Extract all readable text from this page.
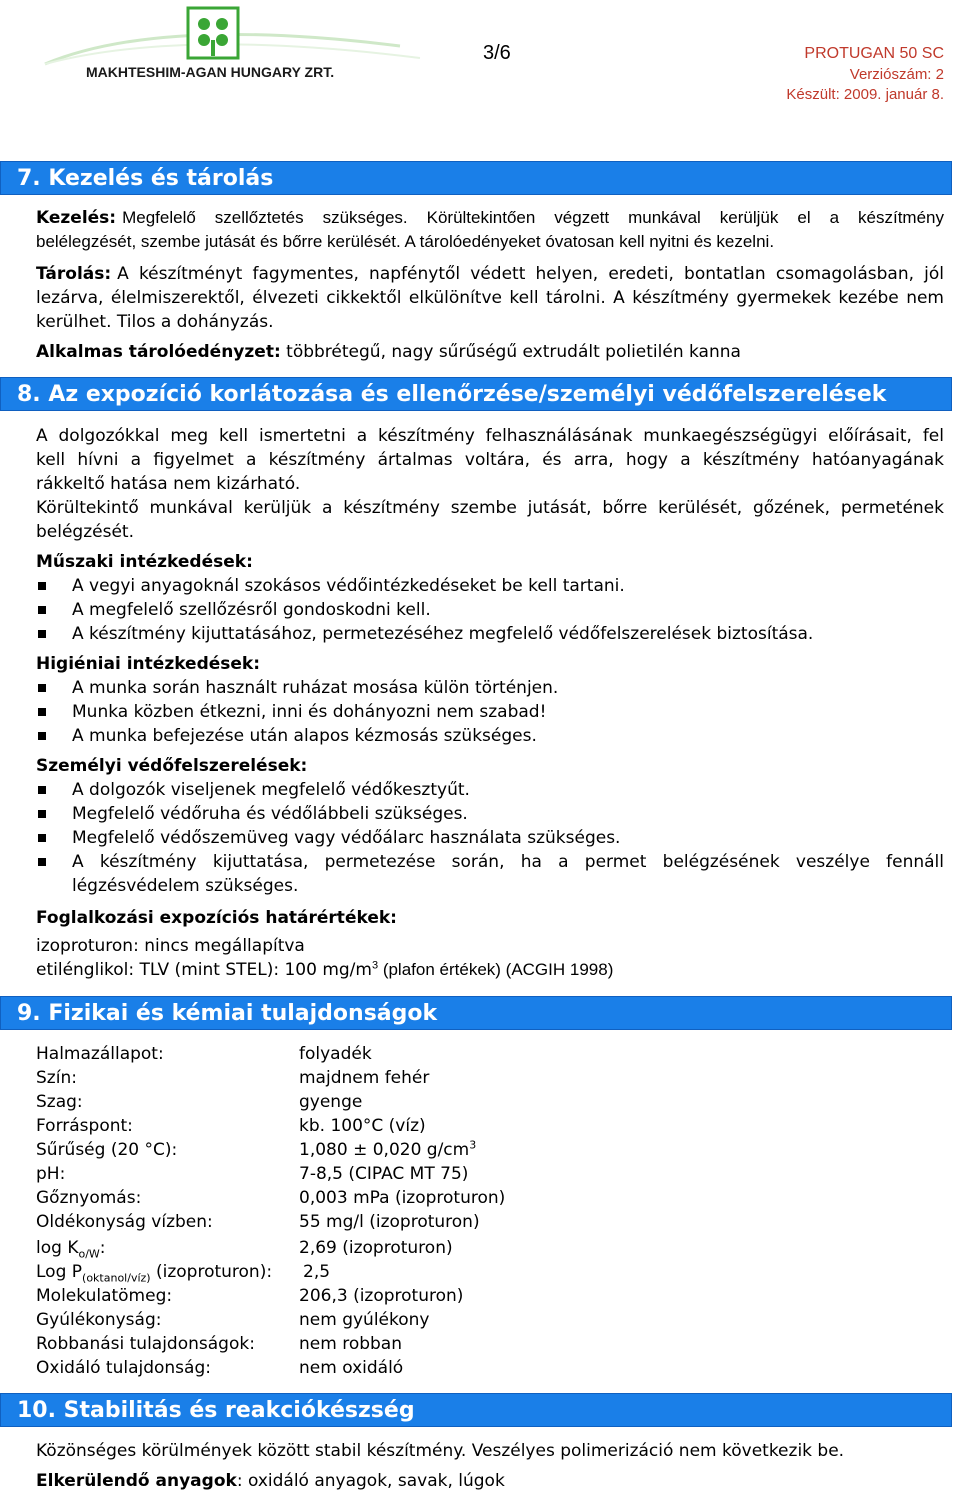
MAKHTESHIM-AGAN HUNGARY ZRT.
3/6	PROTUGAN 50 SC
Verziószám: 2
Készült: 2009. január 8.
7. Kezelés és tárolás
Kezelés: Megfelelő szellőztetés szükséges. Körültekintően végzett munkával kerüljük el a készítmény
belélegzését, szembe jutását és bőrre kerülését. A tárolóedényeket óvatosan kell nyitni és kezelni.
Tárolás: A készítményt fagymentes, napfénytől védett helyen, eredeti, bontatlan csomagolásban, jól
lezárva, élelmiszerektől, élvezeti cikkektől elkülönítve kell tárolni. A készítmény gyermekek kezébe nem
kerülhet. Tilos a dohányzás.
Alkalmas tárolóedényzet: többrétegű, nagy sűrűségű extrudált polietilén kanna
8. Az expozíció korlátozása és ellenőrzése/személyi védőfelszerelések
A dolgozókkal meg kell ismertetni a készítmény felhasználásának munkaegészségügyi előírásait, fel
kell hívni a figyelmet a készítmény ártalmas voltára, és arra, hogy a készítmény hatóanyagának
rákkeltő hatása nem kizárható.
Körültekintő munkával kerüljük a készítmény szembe jutását, bőrre kerülését, gőzének, permetének
belégzését.
Műszaki intézkedések:
A vegyi anyagoknál szokásos védőintézkedéseket be kell tartani.
A megfelelő szellőzésről gondoskodni kell.
A készítmény kijuttatásához, permetezéséhez megfelelő védőfelszerelések biztosítása.
Higiéniai intézkedések:
A munka során használt ruházat mosása külön történjen.
Munka közben étkezni, inni és dohányozni nem szabad!
A munka befejezése után alapos kézmosás szükséges.
Személyi védőfelszerelések:
A dolgozók viseljenek megfelelő védőkesztyűt.
Megfelelő védőruha és védőlábbeli szükséges.
Megfelelő védőszemüveg vagy védőálarc használata szükséges.
A készítmény kijuttatása, permetezése során, ha a permet belégzésének veszélye fennáll
légzésvédelem szükséges.
Foglalkozási expozíciós határértékek:
izoproturon: nincs megállapítva
etilénglikol: TLV (mint STEL): 100 $mg/m^3$ (plafon értékek) (ACGIH 1998)
9. Fizikai és kémiai tulajdonságok
Halmazállapot:	folyadék
Szín:	majdnem fehér
Szag:	gyenge
Forráspont:	kb. 100°C (víz)
Sűrűség (20 °C):	1,080 ± 0,020 $g/cm^3$
pH:	7-8,5 (CIPAC MT 75)
Gőznyomás:	0,003 mPa (izoproturon)
Oldékonyság vízben:	55 mg/l (izoproturon)
$\log K_{o/W}$:	2,69 (izoproturon)
Log $P_{(oktanol/víz)}$ (izoproturon): 2,5
Molekulatömeg:	206,3 (izoproturon)
Gyúlékonyság:	nem gyúlékony
Robbanási tulajdonságok:	nem robban
Oxidáló tulajdonság:	nem oxidáló
10. Stabilitás és reakciókészség
Közönséges körülmények között stabil készítmény. Veszélyes polimerizáció nem következik be.
Elkerülendő anyagok: oxidáló anyagok, savak, lúgok
